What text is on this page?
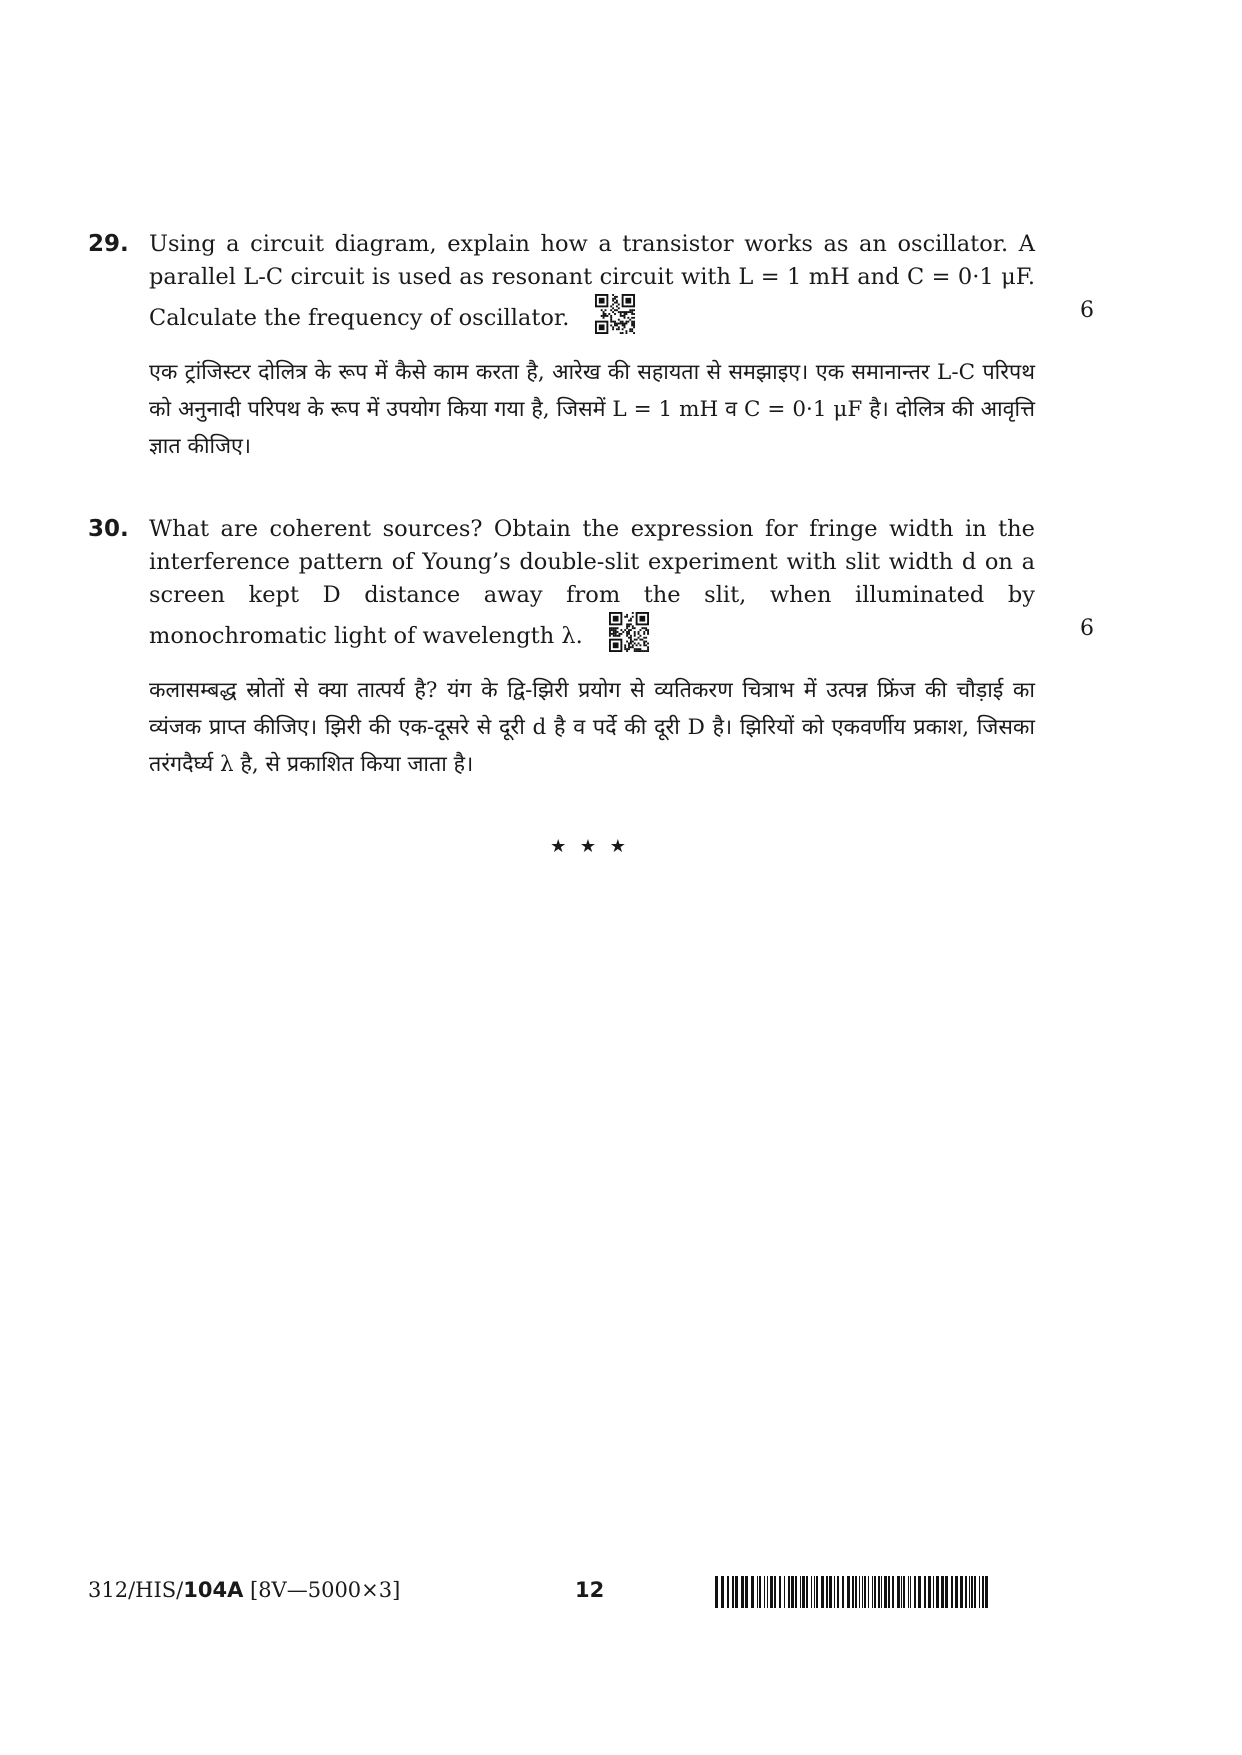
29. Using a circuit diagram, explain how a transistor works as an oscillator. A parallel L-C circuit is used as resonant circuit with L = 1 mH and C = 0·1 μF. Calculate the frequency of oscillator.

एक ट्रांजिस्टर दोलित्र के रूप में कैसे काम करता है, आरेख की सहायता से समझाइए। एक समानान्तर L-C परिपथ को अनुनादी परिपथ के रूप में उपयोग किया गया है, जिसमें L = 1 mH व C = 0·1 μF है। दोलित्र की आवृत्ति ज्ञात कीजिए।

6
30. What are coherent sources? Obtain the expression for fringe width in the interference pattern of Young’s double-slit experiment with slit width d on a screen kept D distance away from the slit, when illuminated by monochromatic light of wavelength λ.

कलासम्बद्ध स्रोतों से क्या तात्पर्य है? यंग के द्वि-झिरी प्रयोग से व्यतिकरण चित्राभ में उत्पन्न फ्रिंज की चौड़ाई का व्यंजक प्राप्त कीजिए। झिरी की एक-दूसरे से दूरी d है व पर्दे की दूरी D है। झिरियों को एकवर्णीय प्रकाश, जिसका तरंगदैर्घ्य λ है, से प्रकाशित किया जाता है।

6
★ ★ ★
312/HIS/104A [8V—5000×3]	12
